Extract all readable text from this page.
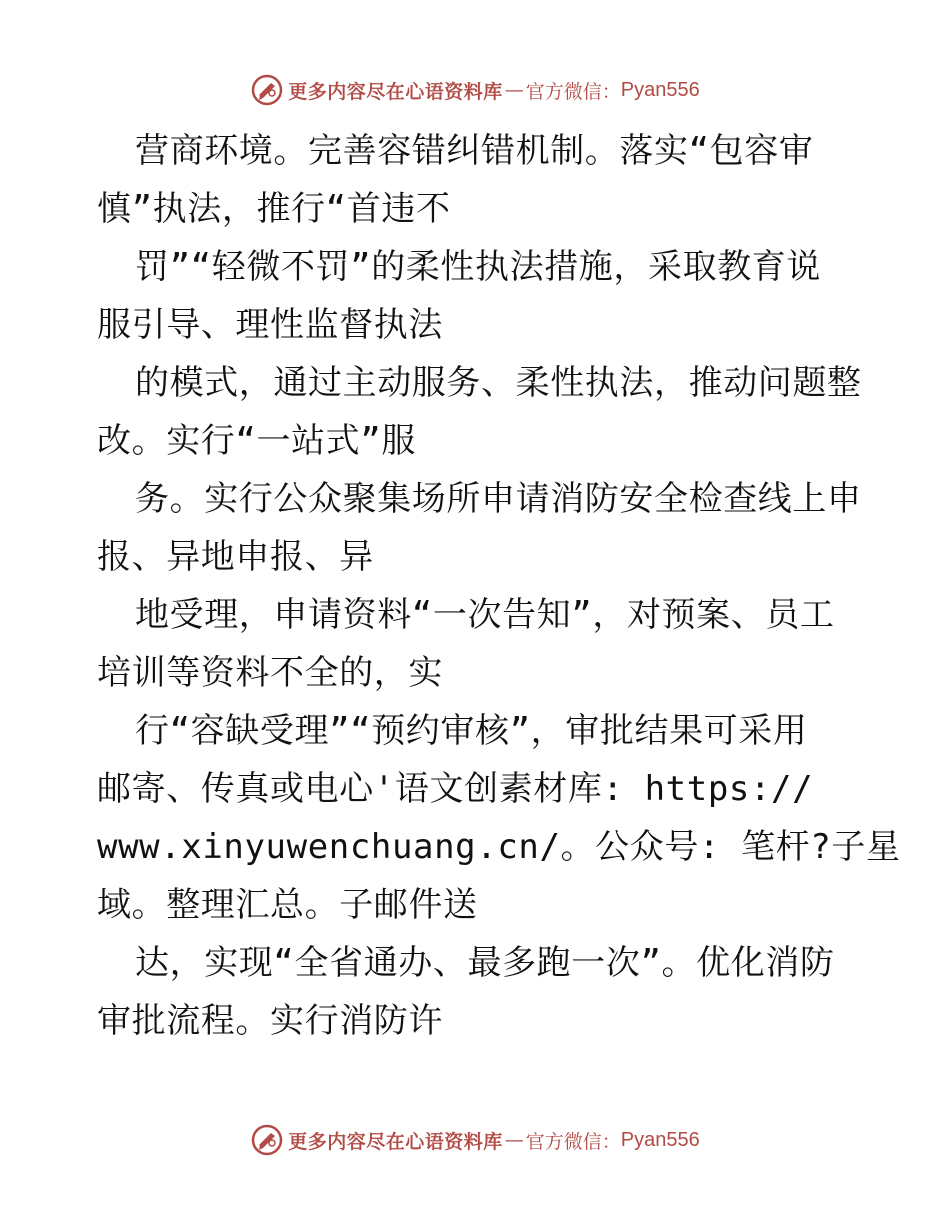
更多内容尽在心语资料库 — 官方微信： Pyan556
营商环境。完善容错纠错机制。落实“包容审
慎”执法，推行“首违不
罚”“轻微不罚”的柔性执法措施，采取教育说
服引导、理性监督执法
的模式，通过主动服务、柔性执法，推动问题整
改。实行“一站式”服
务。实行公众聚集场所申请消防安全检查线上申
报、异地申报、异
地受理，申请资料“一次告知”，对预案、员工
培训等资料不全的，实
行“容缺受理”“预约审核”，审批结果可采用
邮寄、传真或电心'语文创素材库: https://
www.xinyuwenchuang.cn/。公众号: 笔杆?子星
域。整理汇总。子邮件送
达，实现“全省通办、最多跑一次”。优化消防
审批流程。实行消防许
更多内容尽在心语资料库 — 官方微信： Pyan556
